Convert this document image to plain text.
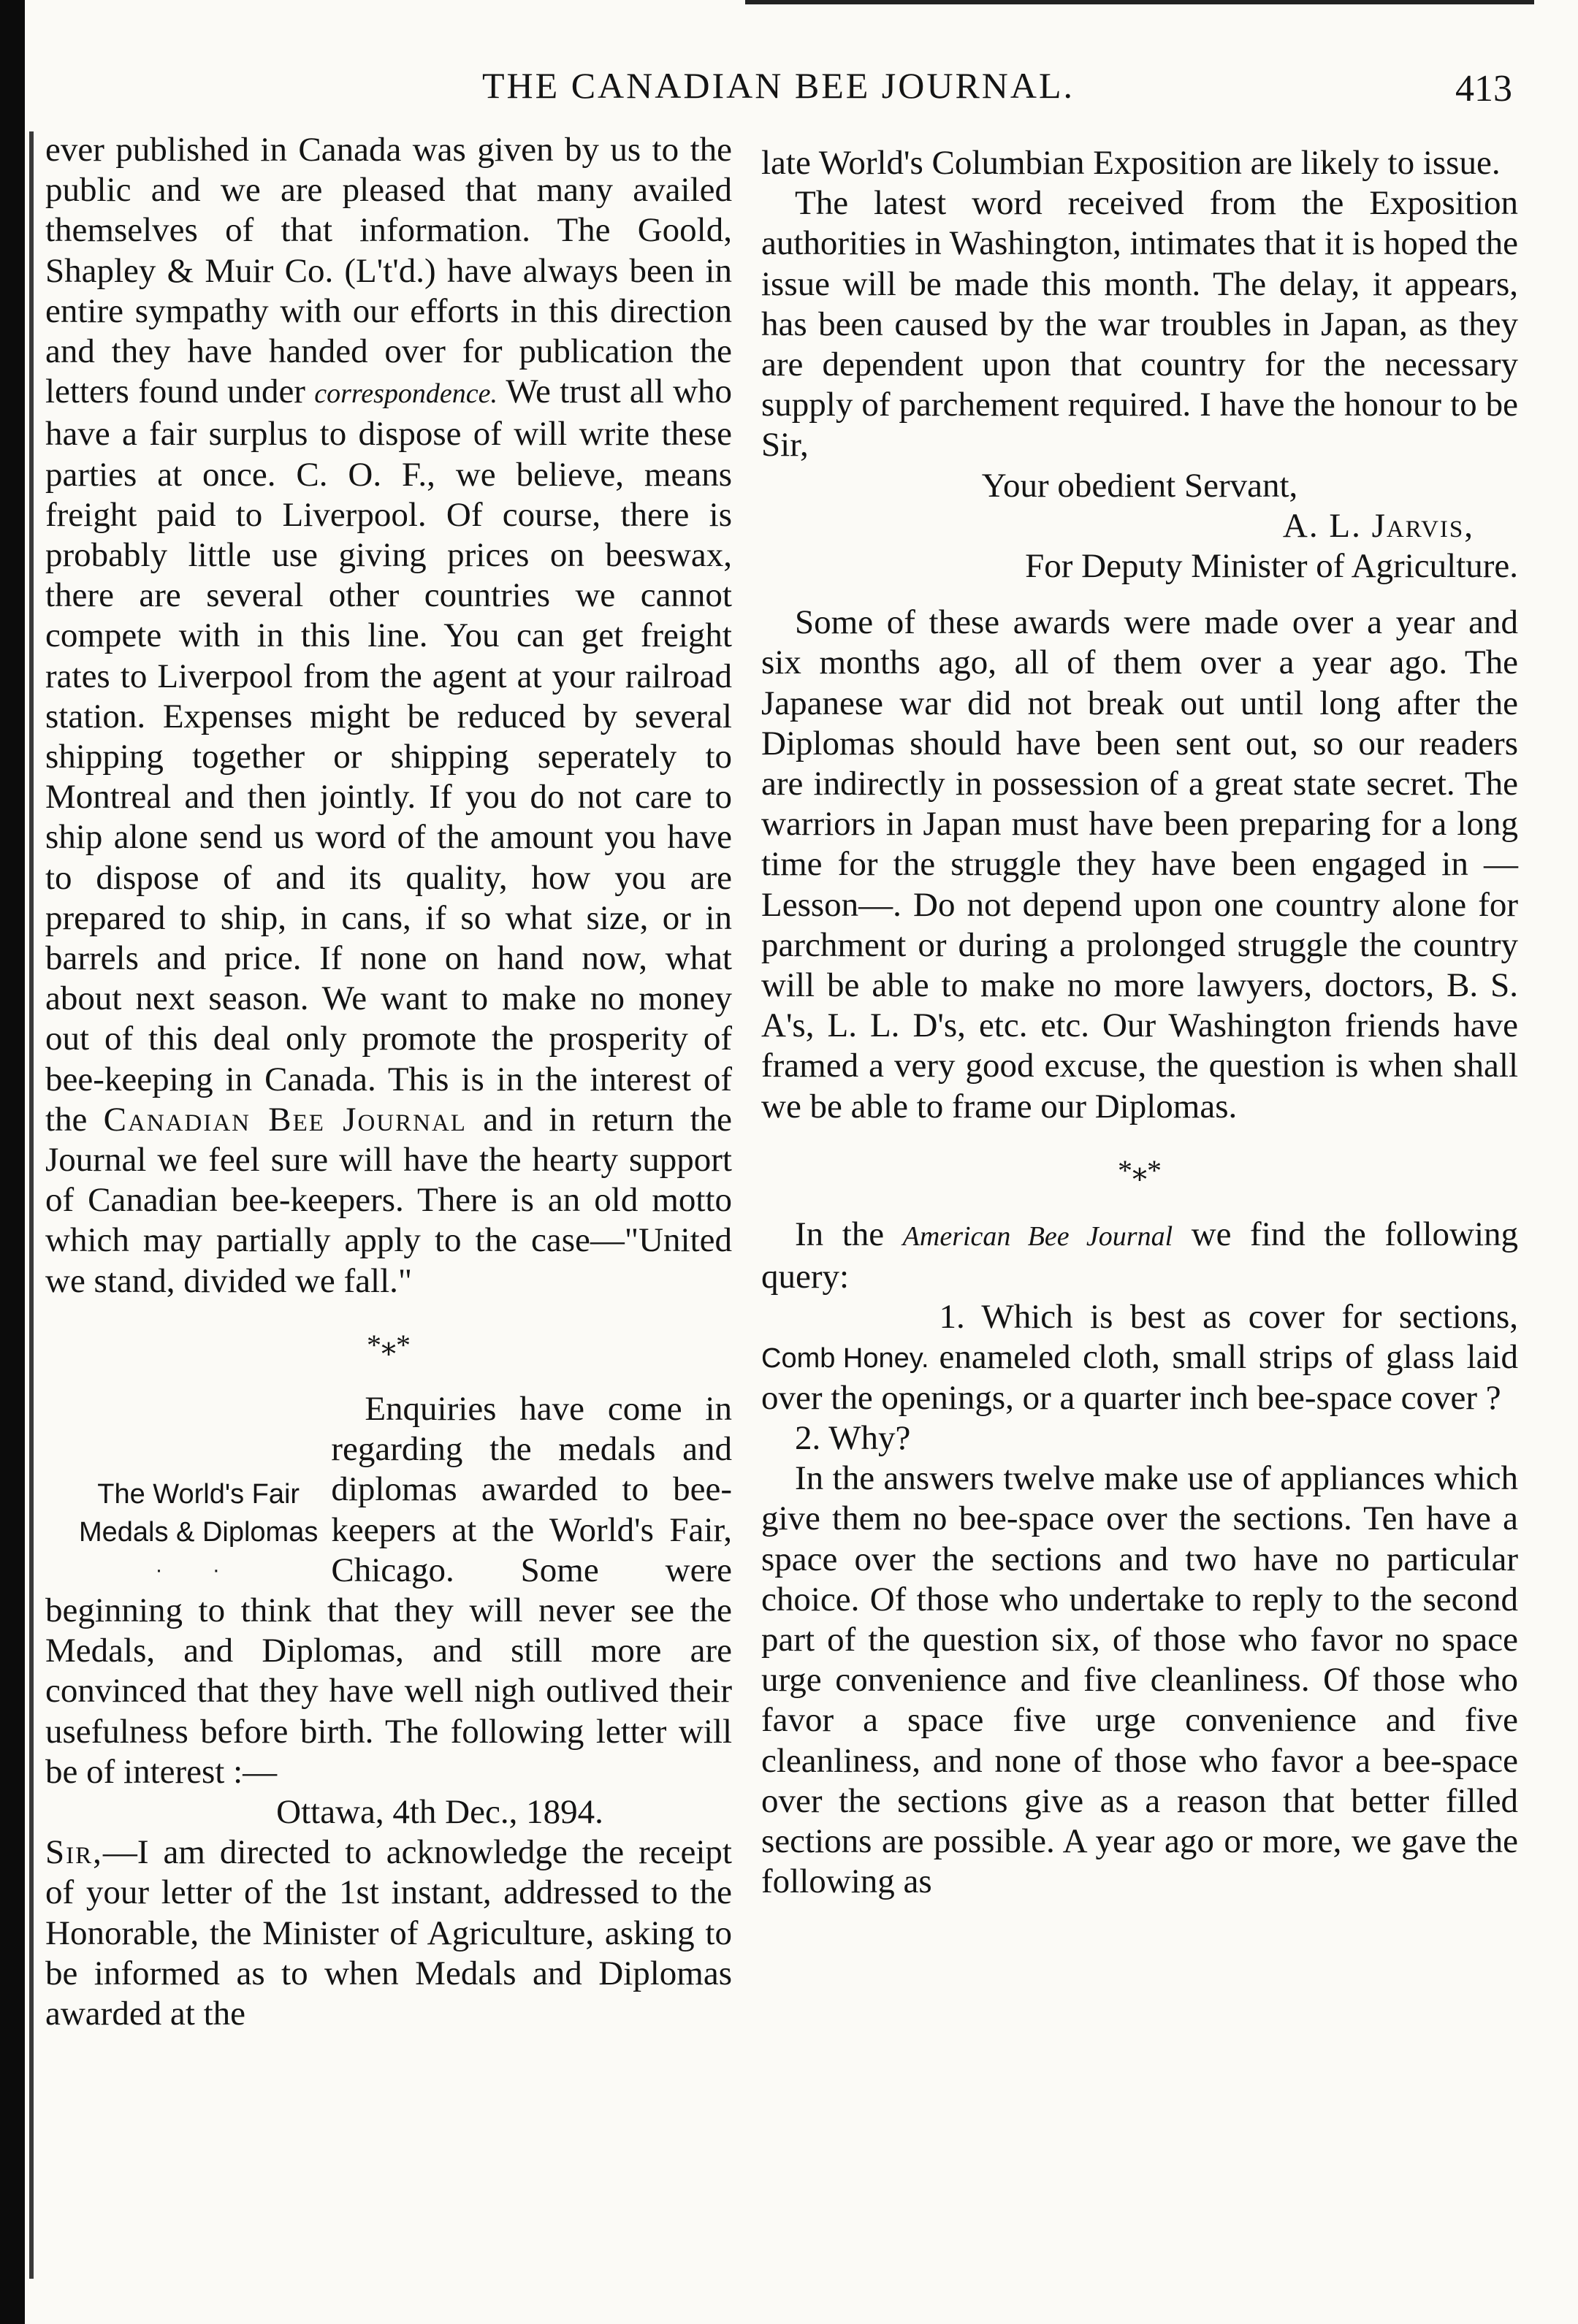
THE CANADIAN BEE JOURNAL.	413

ever published in Canada was given by us to the public and we are pleased that many availed themselves of that information. The Goold, Shapley & Muir Co. (L't'd.) have always been in entire sympathy with our efforts in this direction and they have handed over for publication the letters found under correspondence. We trust all who have a fair surplus to dispose of will write these parties at once. C. O. F., we believe, means freight paid to Liverpool. Of course, there is probably little use giving prices on beeswax, there are several other countries we cannot compete with in this line. You can get freight rates to Liverpool from the agent at your railroad station. Expenses might be reduced by several shipping together or shipping seperately to Montreal and then jointly. If you do not care to ship alone send us word of the amount you have to dispose of and its quality, how you are prepared to ship, in cans, if so what size, or in barrels and price. If none on hand now, what about next season. We want to make no money out of this deal only promote the prosperity of bee-keeping in Canada. This is in the interest of the Canadian Bee Journal and in return the Journal we feel sure will have the hearty support of Canadian bee-keepers. There is an old motto which may partially apply to the case—"United we stand, divided we fall."

*⁎*

The World's Fair
Medals & Diplomas
· ·
Enquiries have come in regarding the medals and diplomas awarded to bee-keepers at the World's Fair, Chicago. Some were beginning to think that they will never see the Medals, and Diplomas, and still more are convinced that they have well nigh outlived their usefulness before birth. The following letter will be of interest :—

Ottawa, 4th Dec., 1894.

Sir,—I am directed to acknowledge the receipt of your letter of the 1st instant, addressed to the Honorable, the Minister of Agriculture, asking to be informed as to when Medals and Diplomas awarded at the

late World's Columbian Exposition are likely to issue.

The latest word received from the Exposition authorities in Washington, intimates that it is hoped the issue will be made this month. The delay, it appears, has been caused by the war troubles in Japan, as they are dependent upon that country for the necessary supply of parchement required. I have the honour to be Sir,

Your obedient Servant,

A. L. Jarvis,

For Deputy Minister of Agriculture.

Some of these awards were made over a year and six months ago, all of them over a year ago. The Japanese war did not break out until long after the Diplomas should have been sent out, so our readers are indirectly in possession of a great state secret. The warriors in Japan must have been preparing for a long time for the struggle they have been engaged in — Lesson—. Do not depend upon one country alone for parchment or during a prolonged struggle the country will be able to make no more lawyers, doctors, B. S. A's, L. L. D's, etc. etc. Our Washington friends have framed a very good excuse, the question is when shall we be able to frame our Diplomas.

*⁎*

In the American Bee Journal we find the following query:

Comb Honey.
1. Which is best as cover for sections, enameled cloth, small strips of glass laid over the openings, or a quarter inch bee-space cover ?

2. Why?

In the answers twelve make use of appliances which give them no bee-space over the sections. Ten have a space over the sections and two have no particular choice. Of those who undertake to reply to the second part of the question six, of those who favor no space urge convenience and five cleanliness. Of those who favor a space five urge convenience and five cleanliness, and none of those who favor a bee-space over the sections give as a reason that better filled sections are possible. A year ago or more, we gave the following as
